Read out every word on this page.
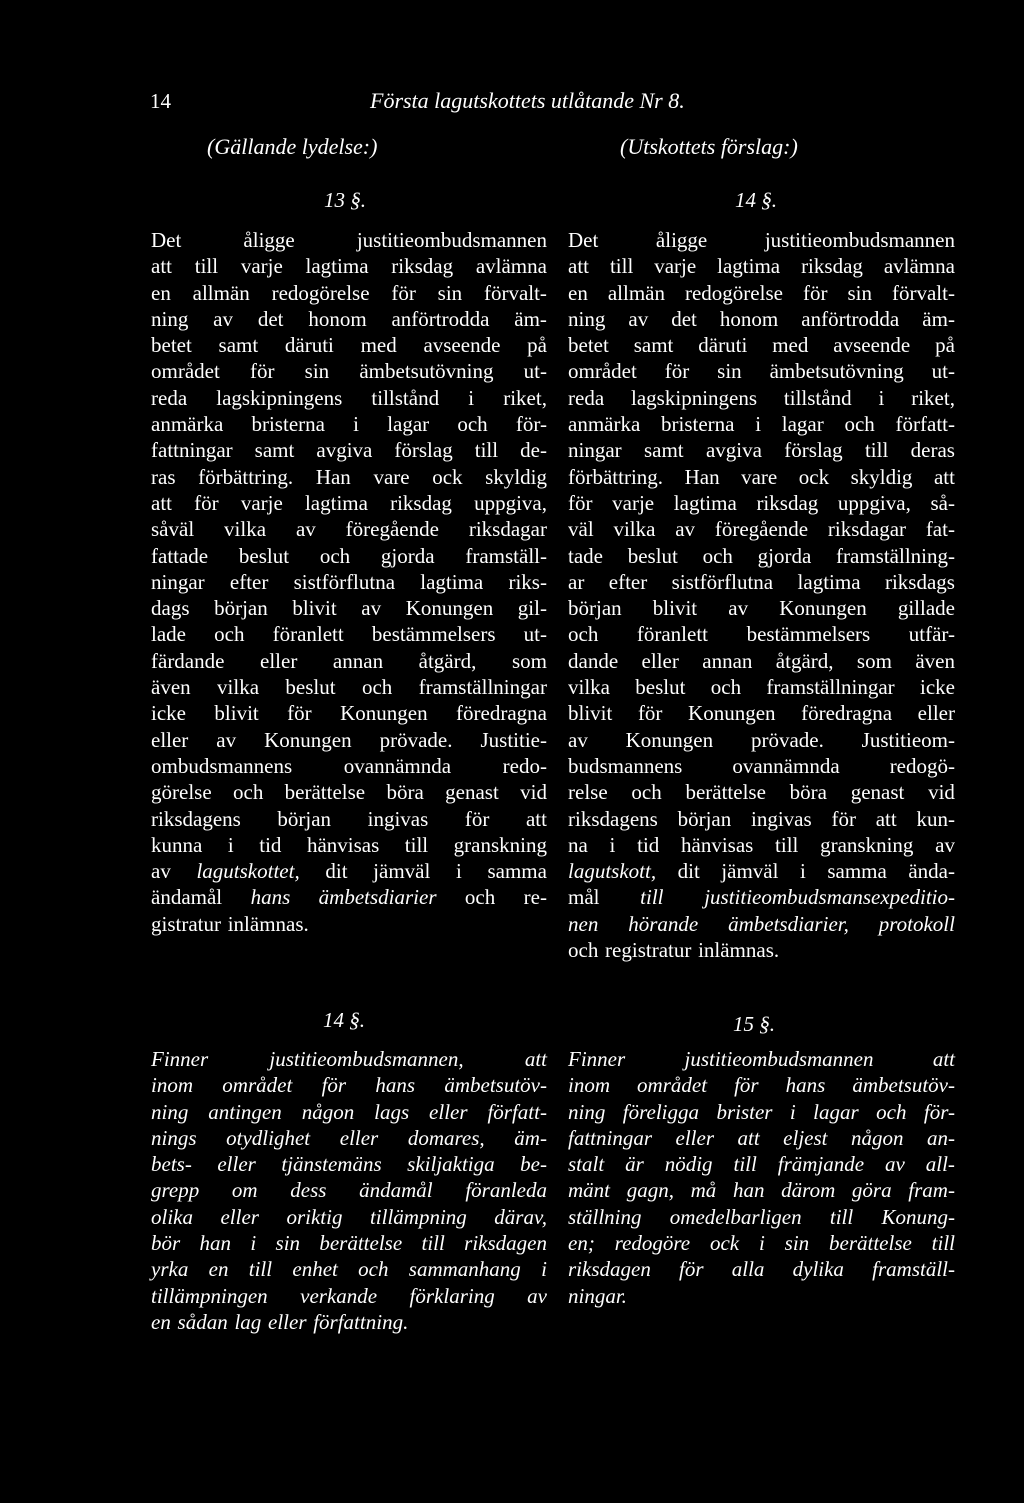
14	Första lagutskottets utlåtande Nr 8.
(Gällande lydelse:)	(Utskottets förslag:)
13 §.	14 §.
Det	åligge	justitieombudsmannen
att till varje lagtima riksdag avlämna
en allmän redogörelse för sin förvalt-
ning av det honom anförtrodda äm-
betet samt däruti med avseende på
området för sin ämbetsutövning ut-
reda lagskipningens tillstånd i riket,
anmärka bristerna i lagar och för-
fattningar samt avgiva förslag till de-
ras förbättring. Han vare ock skyldig
att för varje lagtima riksdag uppgiva,
såväl vilka av föregående riksdagar
fattade beslut och gjorda framställ-
ningar efter sistförflutna lagtima riks-
dags början blivit av Konungen gil-
lade och föranlett bestämmelsers ut-
färdande eller annan åtgärd, som
även vilka beslut och framställningar
icke blivit för Konungen föredragna
eller av Konungen prövade. Justitie-
ombudsmannens ovannämnda redo-
görelse och berättelse böra genast vid
riksdagens början ingivas för att
kunna i tid hänvisas till granskning
av lagutskottet, dit jämväl i samma
ändamål hans ämbetsdiarier och re-
gistratur inlämnas.
Det	åligge	justitieombudsmannen
att till varje lagtima riksdag avlämna
en allmän redogörelse för sin förvalt-
ning av det honom anförtrodda äm-
betet samt däruti med avseende på
området för sin ämbetsutövning ut-
reda lagskipningens tillstånd i riket,
anmärka bristerna i lagar och författ-
ningar samt avgiva förslag till deras
förbättring. Han vare ock skyldig att
för varje lagtima riksdag uppgiva, så-
väl vilka av föregående riksdagar fat-
tade beslut och gjorda framställning-
ar efter sistförflutna lagtima riksdags
början blivit av Konungen gillade
och föranlett bestämmelsers utfär-
dande eller annan åtgärd, som även
vilka beslut och framställningar icke
blivit för Konungen föredragna eller
av Konungen prövade. Justitieom-
budsmannens ovannämnda redogö-
relse och berättelse böra genast vid
riksdagens början ingivas för att kun-
na i tid hänvisas till granskning av
lagutskott, dit jämväl i samma ända-
mål till justitieombudsmansexpeditio-
nen hörande ämbetsdiarier, protokoll
och registratur inlämnas.
14 §.	15 §.
Finner	justitieombudsmannen,	att
inom området för hans ämbetsutöv-
ning antingen någon lags eller författ-
nings otydlighet eller domares, äm-
bets- eller tjänstemäns skiljaktiga be-
grepp om dess ändamål föranleda
olika eller oriktig tillämpning därav,
bör han i sin berättelse till riksdagen
yrka en till enhet och sammanhang i
tillämpningen verkande förklaring av
en sådan lag eller författning.
Finner	justitieombudsmannen	att
inom området för hans ämbetsutöv-
ning föreligga brister i lagar och för-
fattningar eller att eljest någon an-
stalt är nödig till främjande av all-
mänt gagn, må han därom göra fram-
ställning omedelbarligen till Konung-
en; redogöre ock i sin berättelse till
riksdagen för alla dylika framställ-
ningar.
